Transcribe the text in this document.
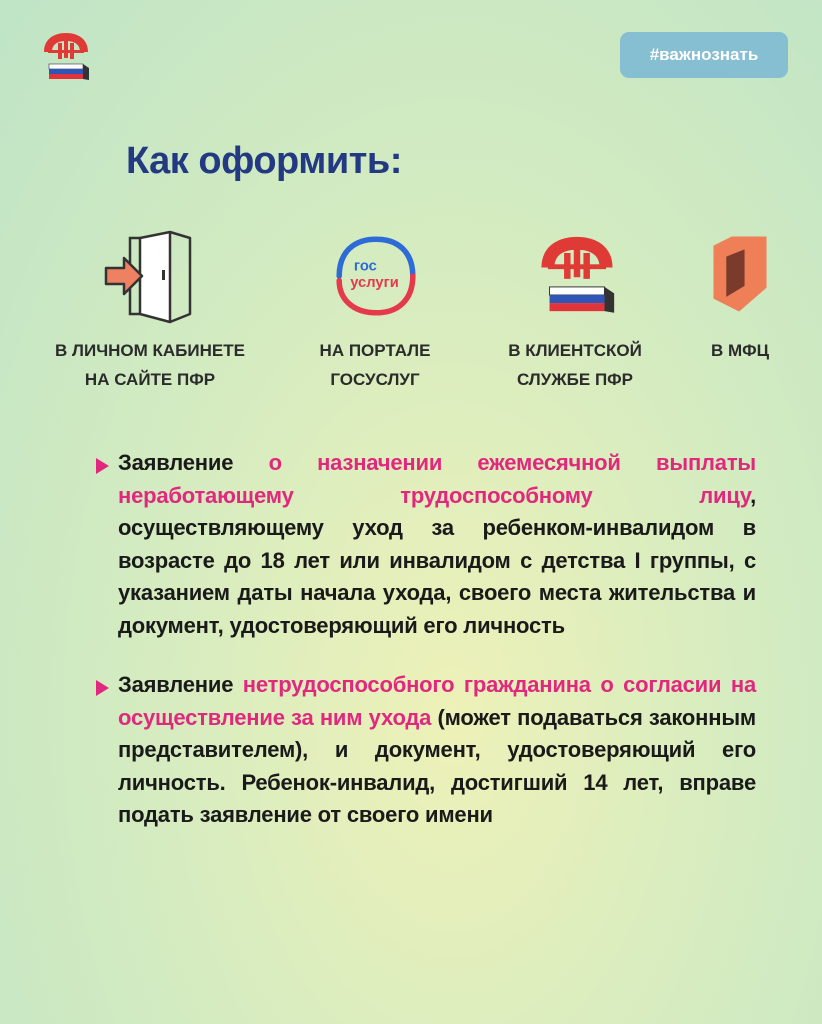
#важнознать
Как оформить:
В ЛИЧНОМ КАБИНЕТЕ
НА САЙТЕ ПФР
гос
услуги
НА ПОРТАЛЕ
ГОСУСЛУГ
В КЛИЕНТСКОЙ
СЛУЖБЕ ПФР
В МФЦ

Заявление о назначении ежемесячной выплаты неработающему трудоспособному лицу, осуществляющему уход за ребенком-инвалидом в возрасте до 18 лет или инвалидом с детства I группы, с указанием даты начала ухода, своего места жительства и документ, удостоверяющий его личность

Заявление нетрудоспособного гражданина о согласии на осуществление за ним ухода (может подаваться законным представителем), и документ, удостоверяющий его личность. Ребенок-инвалид, достигший 14 лет, вправе подать заявление от своего имени
